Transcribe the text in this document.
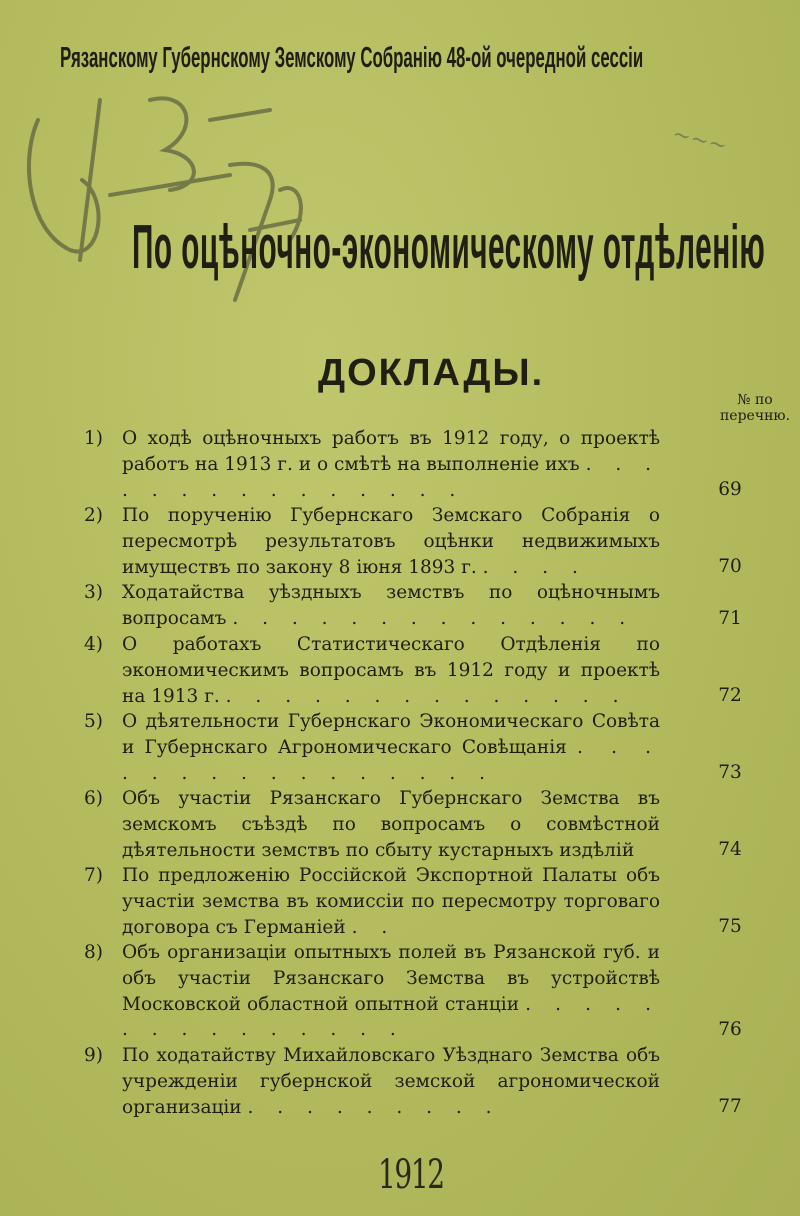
Рязанскому Губернскому Земскому Собранію 48-ой очередной сессіи
~~~
По оцѣночно-экономическому отдѣленію
ДОКЛАДЫ.
№ по
перечню.
1)	О ходѣ оцѣночныхъ работъ въ 1912 году, о проектѣ работъ на 1913 г. и о смѣтѣ на выполненіе ихъ . . . . . . . . . . . . . . .	69
2)	По порученію Губернскаго Земскаго Собранія о пересмотрѣ результатовъ оцѣнки недвижимыхъ имуществъ по закону 8 іюня 1893 г. . . . .	70
3)	Ходатайства уѣздныхъ земствъ по оцѣночнымъ вопросамъ . . . . . . . . . . . . . .	71
4)	О работахъ Статистическаго Отдѣленія по экономическимъ вопросамъ въ 1912 году и проектѣ на 1913 г. . . . . . . . . . . . . . .	72
5)	О дѣятельности Губернскаго Экономическаго Совѣта и Губернскаго Агрономическаго Совѣщанія . . . . . . . . . . . . . . . .	73
6)	Объ участіи Рязанскаго Губернскаго Земства въ земскомъ съѣздѣ по вопросамъ о совмѣстной дѣятельности земствъ по сбыту кустарныхъ издѣлій	74
7)	По предложенію Россійской Экспортной Палаты объ участіи земства въ комиссіи по пересмотру торговаго договора съ Германіей . .	75
8)	Объ организаціи опытныхъ полей въ Рязанской губ. и объ участіи Рязанскаго Земства въ устройствѣ Московской областной опытной станціи . . . . . . . . . . . . . . .	76
9)	По ходатайству Михайловскаго Уѣзднаго Земства объ учрежденіи губернской земской агрономической организаціи . . . . . . . . .	77
1912
